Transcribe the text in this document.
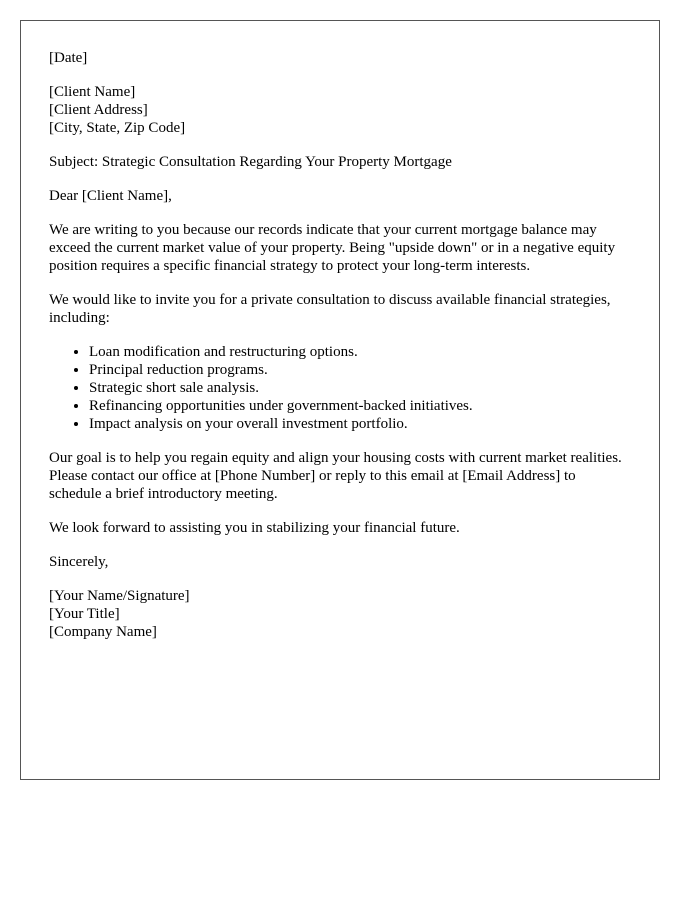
[Date]
[Client Name]
[Client Address]
[City, State, Zip Code]

Subject: Strategic Consultation Regarding Your Property Mortgage

Dear [Client Name],

We are writing to you because our records indicate that your current mortgage balance may exceed the current market value of your property. Being "upside down" or in a negative equity position requires a specific financial strategy to protect your long-term interests.

We would like to invite you for a private consultation to discuss available financial strategies, including:

• Loan modification and restructuring options.
• Principal reduction programs.
• Strategic short sale analysis.
• Refinancing opportunities under government-backed initiatives.
• Impact analysis on your overall investment portfolio.

Our goal is to help you regain equity and align your housing costs with current market realities. Please contact our office at [Phone Number] or reply to this email at [Email Address] to schedule a brief introductory meeting.

We look forward to assisting you in stabilizing your financial future.

Sincerely,

[Your Name/Signature]
[Your Title]
[Company Name]
